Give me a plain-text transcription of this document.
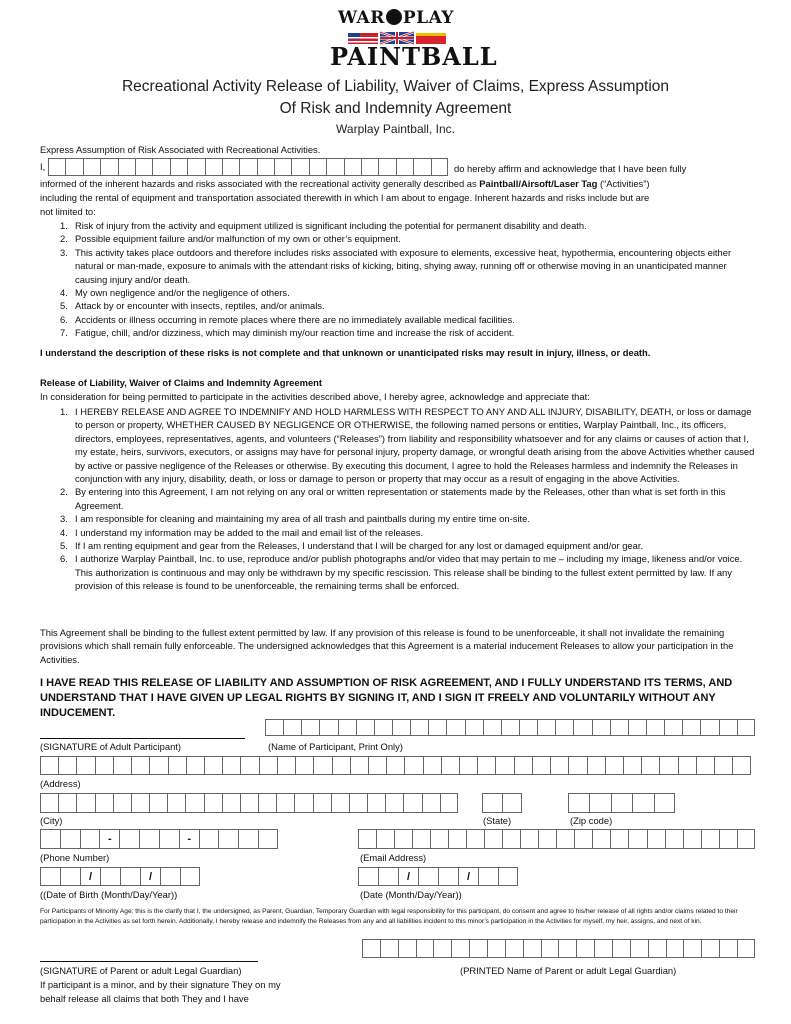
WAR PLAY
PAINTBALL
Recreational Activity Release of Liability, Waiver of Claims, Express Assumption
Of Risk and Indemnity Agreement
Warplay Paintball, Inc.
Express Assumption of Risk Associated with Recreational Activities.
I,	do hereby affirm and acknowledge that I have been fully
informed of the inherent hazards and risks associated with the recreational activity generally described as Paintball/Airsoft/Laser Tag (“Activities”)
including the rental of equipment and transportation associated therewith in which I am about to engage. Inherent hazards and risks include but are
not limited to:
1. Risk of injury from the activity and equipment utilized is significant including the potential for permanent disability and death.
2. Possible equipment failure and/or malfunction of my own or other’s equipment.
3. This activity takes place outdoors and therefore includes risks associated with exposure to elements, excessive heat, hypothermia, encountering objects either natural or man-made, exposure to animals with the attendant risks of kicking, biting, shying away, running off or otherwise moving in an unanticipated manner causing injury and/or death.
4. My own negligence and/or the negligence of others.
5. Attack by or encounter with insects, reptiles, and/or animals.
6. Accidents or illness occurring in remote places where there are no immediately available medical facilities.
7. Fatigue, chill, and/or dizziness, which may diminish my/our reaction time and increase the risk of accident.
I understand the description of these risks is not complete and that unknown or unanticipated risks may result in injury, illness, or death.
Release of Liability, Waiver of Claims and Indemnity Agreement
In consideration for being permitted to participate in the activities described above, I hereby agree, acknowledge and appreciate that:
1. I HEREBY RELEASE AND AGREE TO INDEMNIFY AND HOLD HARMLESS WITH RESPECT TO ANY AND ALL INJURY, DISABILITY, DEATH, or loss or damage to person or property, WHETHER CAUSED BY NEGLIGENCE OR OTHERWISE, the following named persons or entities, Warplay Paintball, Inc., its officers, directors, employees, representatives, agents, and volunteers (“Releases”) from liability and responsibility whatsoever and for any claims or causes of action that I, my estate, heirs, survivors, executors, or assigns may have for personal injury, property damage, or wrongful death arising from the above Activities whether caused by active or passive negligence of the Releases or otherwise. By executing this document, I agree to hold the Releases harmless and indemnify the Releases in conjunction with any injury, disability, death, or loss or damage to person or property that may occur as a result of engaging in the above Activities.
2. By entering into this Agreement, I am not relying on any oral or written representation or statements made by the Releases, other than what is set forth in this Agreement.
3. I am responsible for cleaning and maintaining my area of all trash and paintballs during my entire time on-site.
4. I understand my information may be added to the mail and email list of the releases.
5. If I am renting equipment and gear from the Releases, I understand that I will be charged for any lost or damaged equipment and/or gear.
6. I authorize Warplay Paintball, Inc. to use, reproduce and/or publish photographs and/or video that may pertain to me – including my image, likeness and/or voice. This authorization is continuous and may only be withdrawn by my specific rescission. This release shall be binding to the fullest extent permitted by law. If any provision of this release is found to be unenforceable, the remaining terms shall be enforced.
This Agreement shall be binding to the fullest extent permitted by law. If any provision of this release is found to be unenforceable, it shall not invalidate the remaining provisions which shall remain fully enforceable. The undersigned acknowledges that this Agreement is a material inducement Releases to allow your participation in the Activities.
I HAVE READ THIS RELEASE OF LIABILITY AND ASSUMPTION OF RISK AGREEMENT, AND I FULLY UNDERSTAND ITS TERMS, AND UNDERSTAND THAT I HAVE GIVEN UP LEGAL RIGHTS BY SIGNING IT, AND I SIGN IT FREELY AND VOLUNTARILY WITHOUT ANY INDUCEMENT.
(SIGNATURE of Adult Participant)	(Name of Participant, Print Only)
(Address)
(City)	(State)	(Zip code)
-	-
(Phone Number)	(Email Address)
/	/	/	/
((Date of Birth (Month/Day/Year))	(Date (Month/Day/Year))
For Participants of Minority Age: this is the clarify that I, the undersigned, as Parent, Guardian, Temporary Guardian with legal responsibility for this participant, do consent and agree to his/her release of all rights and/or claims related to their participation in the Activities as set forth herein. Additionally, I hereby release and indemnify the Releases from any and all liabilities incident to this minor’s participation in the Activities for myself, my heir, assigns, and next of kin.
(SIGNATURE of Parent or adult Legal Guardian)	(PRINTED Name of Parent or adult Legal Guardian)
If participant is a minor, and by their signature They on my
behalf release all claims that both They and I have
